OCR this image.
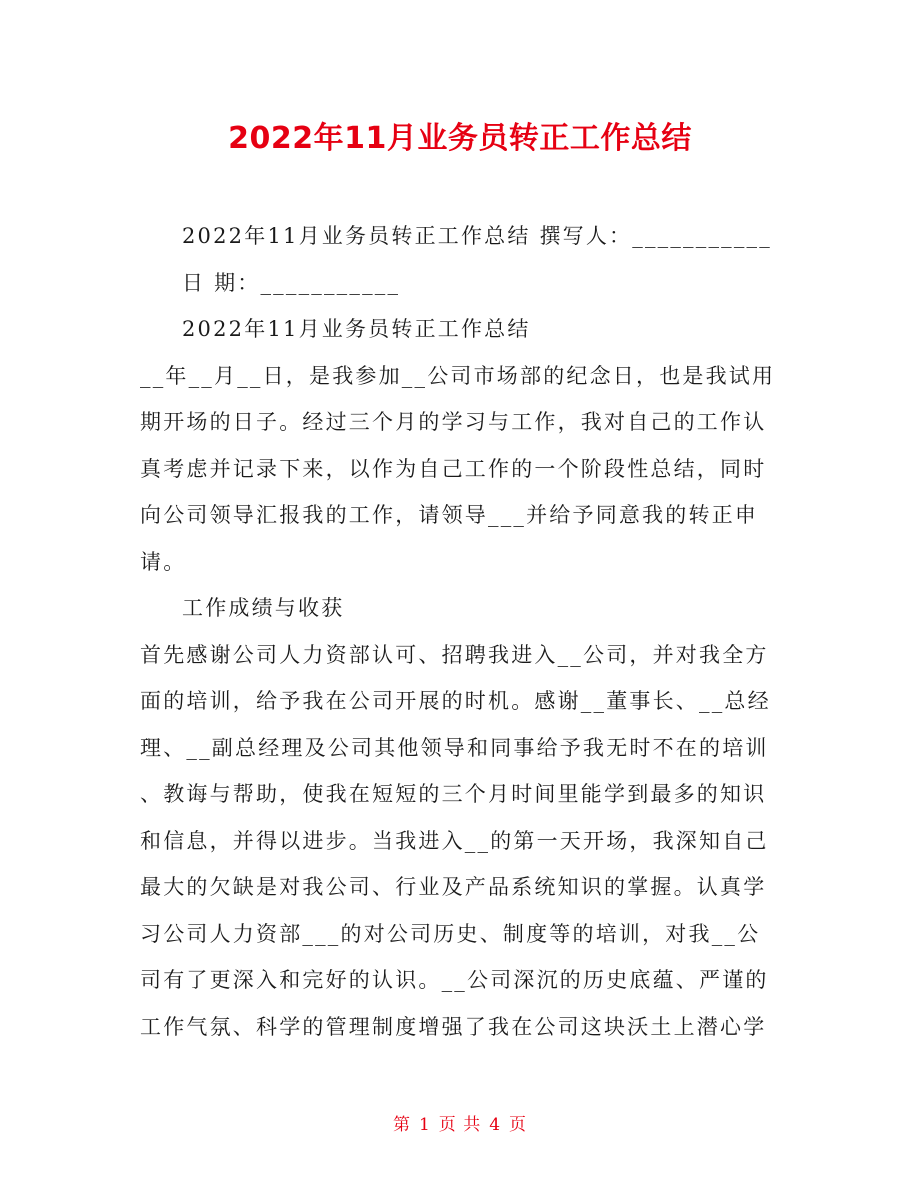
2022年11月业务员转正工作总结
2022年11月业务员转正工作总结 撰写人：___________
日 期：___________
2022年11月业务员转正工作总结
__年__月__日，是我参加__公司市场部的纪念日，也是我试用
期开场的日子。经过三个月的学习与工作，我对自己的工作认
真考虑并记录下来，以作为自己工作的一个阶段性总结，同时
向公司领导汇报我的工作，请领导___并给予同意我的转正申
请。
工作成绩与收获
首先感谢公司人力资部认可、招聘我进入__公司，并对我全方
面的培训，给予我在公司开展的时机。感谢__董事长、__总经
理、__副总经理及公司其他领导和同事给予我无时不在的培训
、教诲与帮助，使我在短短的三个月时间里能学到最多的知识
和信息，并得以进步。当我进入__的第一天开场，我深知自己
最大的欠缺是对我公司、行业及产品系统知识的掌握。认真学
习公司人力资部___的对公司历史、制度等的培训，对我__公
司有了更深入和完好的认识。__公司深沉的历史底蕴、严谨的
工作气氛、科学的管理制度增强了我在公司这块沃土上潜心学
第 1 页 共 4 页
